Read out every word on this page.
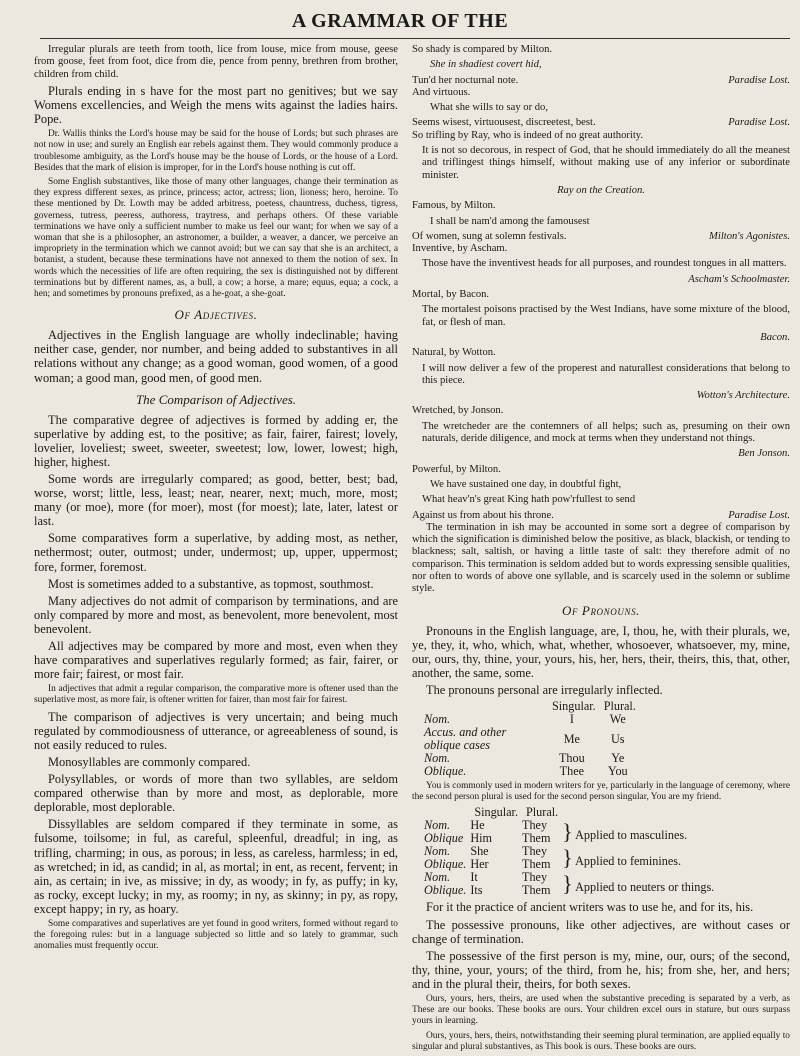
A GRAMMAR OF THE

Irregular plurals are teeth from tooth, lice from louse, mice from mouse, geese from goose, feet from foot, dice from die, pence from penny, brethren from brother, children from child.

Plurals ending in s have for the most part no genitives; but we say Womens excellencies, and Weigh the mens wits against the ladies hairs. Pope.

Dr. Wallis thinks the Lord's house may be said for the house of Lords; but such phrases are not now in use; and surely an English ear rebels against them. They would commonly produce a troublesome ambiguity, as the Lord's house may be the house of Lords, or the house of a Lord. Besides that the mark of elision is improper, for in the Lord's house nothing is cut off.

Some English substantives, like those of many other languages, change their termination as they express different sexes, as prince, princess; actor, actress; lion, lioness; hero, heroine. To these mentioned by Dr. Lowth may be added arbitress, poetess, chauntress, duchess, tigress, governess, tutress, peeress, authoress, traytress, and perhaps others. Of these variable terminations we have only a sufficient number to make us feel our want; for when we say of a woman that she is a philosopher, an astronomer, a builder, a weaver, a dancer, we perceive an impropriety in the termination which we cannot avoid; but we can say that she is an architect, a botanist, a student, because these terminations have not annexed to them the notion of sex. In words which the necessities of life are often requiring, the sex is distinguished not by different terminations but by different names, as, a bull, a cow; a horse, a mare; equus, equa; a cock, a hen; and sometimes by pronouns prefixed, as a he-goat, a she-goat.

Of Adjectives.

Adjectives in the English language are wholly indeclinable; having neither case, gender, nor number, and being added to substantives in all relations without any change; as a good woman, good women, of a good woman; a good man, good men, of good men.

The Comparison of Adjectives.

The comparative degree of adjectives is formed by adding er, the superlative by adding est, to the positive; as fair, fairer, fairest; lovely, lovelier, loveliest; sweet, sweeter, sweetest; low, lower, lowest; high, higher, highest.

Some words are irregularly compared; as good, better, best; bad, worse, worst; little, less, least; near, nearer, next; much, more, most; many (or moe), more (for moer), most (for moest); late, later, latest or last.

Some comparatives form a superlative, by adding most, as nether, nethermost; outer, outmost; under, undermost; up, upper, uppermost; fore, former, foremost.

Most is sometimes added to a substantive, as topmost, southmost.

Many adjectives do not admit of comparison by terminations, and are only compared by more and most, as benevolent, more benevolent, most benevolent.

All adjectives may be compared by more and most, even when they have comparatives and superlatives regularly formed; as fair, fairer, or more fair; fairest, or most fair.

In adjectives that admit a regular comparison, the comparative more is oftener used than the superlative most, as more fair, is oftener written for fairer, than most fair for fairest.

The comparison of adjectives is very uncertain; and being much regulated by commodiousness of utterance, or agreeableness of sound, is not easily reduced to rules.

Monosyllables are commonly compared.

Polysyllables, or words of more than two syllables, are seldom compared otherwise than by more and most, as deplorable, more deplorable, most deplorable.

Dissyllables are seldom compared if they terminate in some, as fulsome, toilsome; in ful, as careful, spleenful, dreadful; in ing, as trifling, charming; in ous, as porous; in less, as careless, harmless; in ed, as wretched; in id, as candid; in al, as mortal; in ent, as recent, fervent; in ain, as certain; in ive, as missive; in dy, as woody; in fy, as puffy; in ky, as rocky, except lucky; in my, as roomy; in ny, as skinny; in py, as ropy, except happy; in ry, as hoary.

Some comparatives and superlatives are yet found in good writers, formed without regard to the foregoing rules: but in a language subjected so little and so lately to grammar, such anomalies must frequently occur.

So shady is compared by Milton.

She in shadiest covert hid,

Tun'd her nocturnal note.	Paradise Lost.

And virtuous.

What she wills to say or do,

Seems wisest, virtuousest, discreetest, best.	Paradise Lost.

So trifling by Ray, who is indeed of no great authority.

It is not so decorous, in respect of God, that he should immediately do all the meanest and triflingest things himself, without making use of any inferior or subordinate minister.

Ray on the Creation.

Famous, by Milton.

I shall be nam'd among the famousest

Of women, sung at solemn festivals.	Milton's Agonistes.

Inventive, by Ascham.

Those have the inventivest heads for all purposes, and roundest tongues in all matters.

Ascham's Schoolmaster.

Mortal, by Bacon.

The mortalest poisons practised by the West Indians, have some mixture of the blood, fat, or flesh of man.

Bacon.

Natural, by Wotton.

I will now deliver a few of the properest and naturallest considerations that belong to this piece.

Wotton's Architecture.

Wretched, by Jonson.

The wretcheder are the contemners of all helps; such as, presuming on their own naturals, deride diligence, and mock at terms when they understand not things.

Ben Jonson.

Powerful, by Milton.

We have sustained one day, in doubtful fight,

What heav'n's great King hath pow'rfullest to send

Against us from about his throne.	Paradise Lost.

The termination in ish may be accounted in some sort a degree of comparison by which the signification is diminished below the positive, as black, blackish, or tending to blackness; salt, saltish, or having a little taste of salt: they therefore admit of no comparison. This termination is seldom added but to words expressing sensible qualities, nor often to words of above one syllable, and is scarcely used in the solemn or sublime style.

Of Pronouns.

Pronouns in the English language, are, I, thou, he, with their plurals, we, ye, they, it, who, which, what, whether, whosoever, whatsoever, my, mine, our, ours, thy, thine, your, yours, his, her, hers, their, theirs, this, that, other, another, the same, some.

The pronouns personal are irregularly inflected.

	Singular.	Plural.
Nom.	I	We
Accus. and other oblique cases	Me	Us
Nom.	Thou	Ye
Oblique.	Thee	You

You is commonly used in modern writers for ye, particularly in the language of ceremony, where the second person plural is used for the second person singular, You are my friend.

	Singular.	Plural.	
Nom.	He	They	} Applied to masculines.
Oblique	Him	Them	
Nom.	She	They	} Applied to feminines.
Oblique.	Her	Them	
Nom.	It	They	} Applied to neuters or things.
Oblique.	Its	Them	

For it the practice of ancient writers was to use he, and for its, his.

The possessive pronouns, like other adjectives, are without cases or change of termination.

The possessive of the first person is my, mine, our, ours; of the second, thy, thine, your, yours; of the third, from he, his; from she, her, and hers; and in the plural their, theirs, for both sexes.

Ours, yours, hers, theirs, are used when the substantive preceding is separated by a verb, as These are our books. These books are ours. Your children excel ours in stature, but ours surpass yours in learning.

Ours, yours, hers, theirs, notwithstanding their seeming plural termination, are applied equally to singular and plural substantives, as This book is ours. These books are ours.
